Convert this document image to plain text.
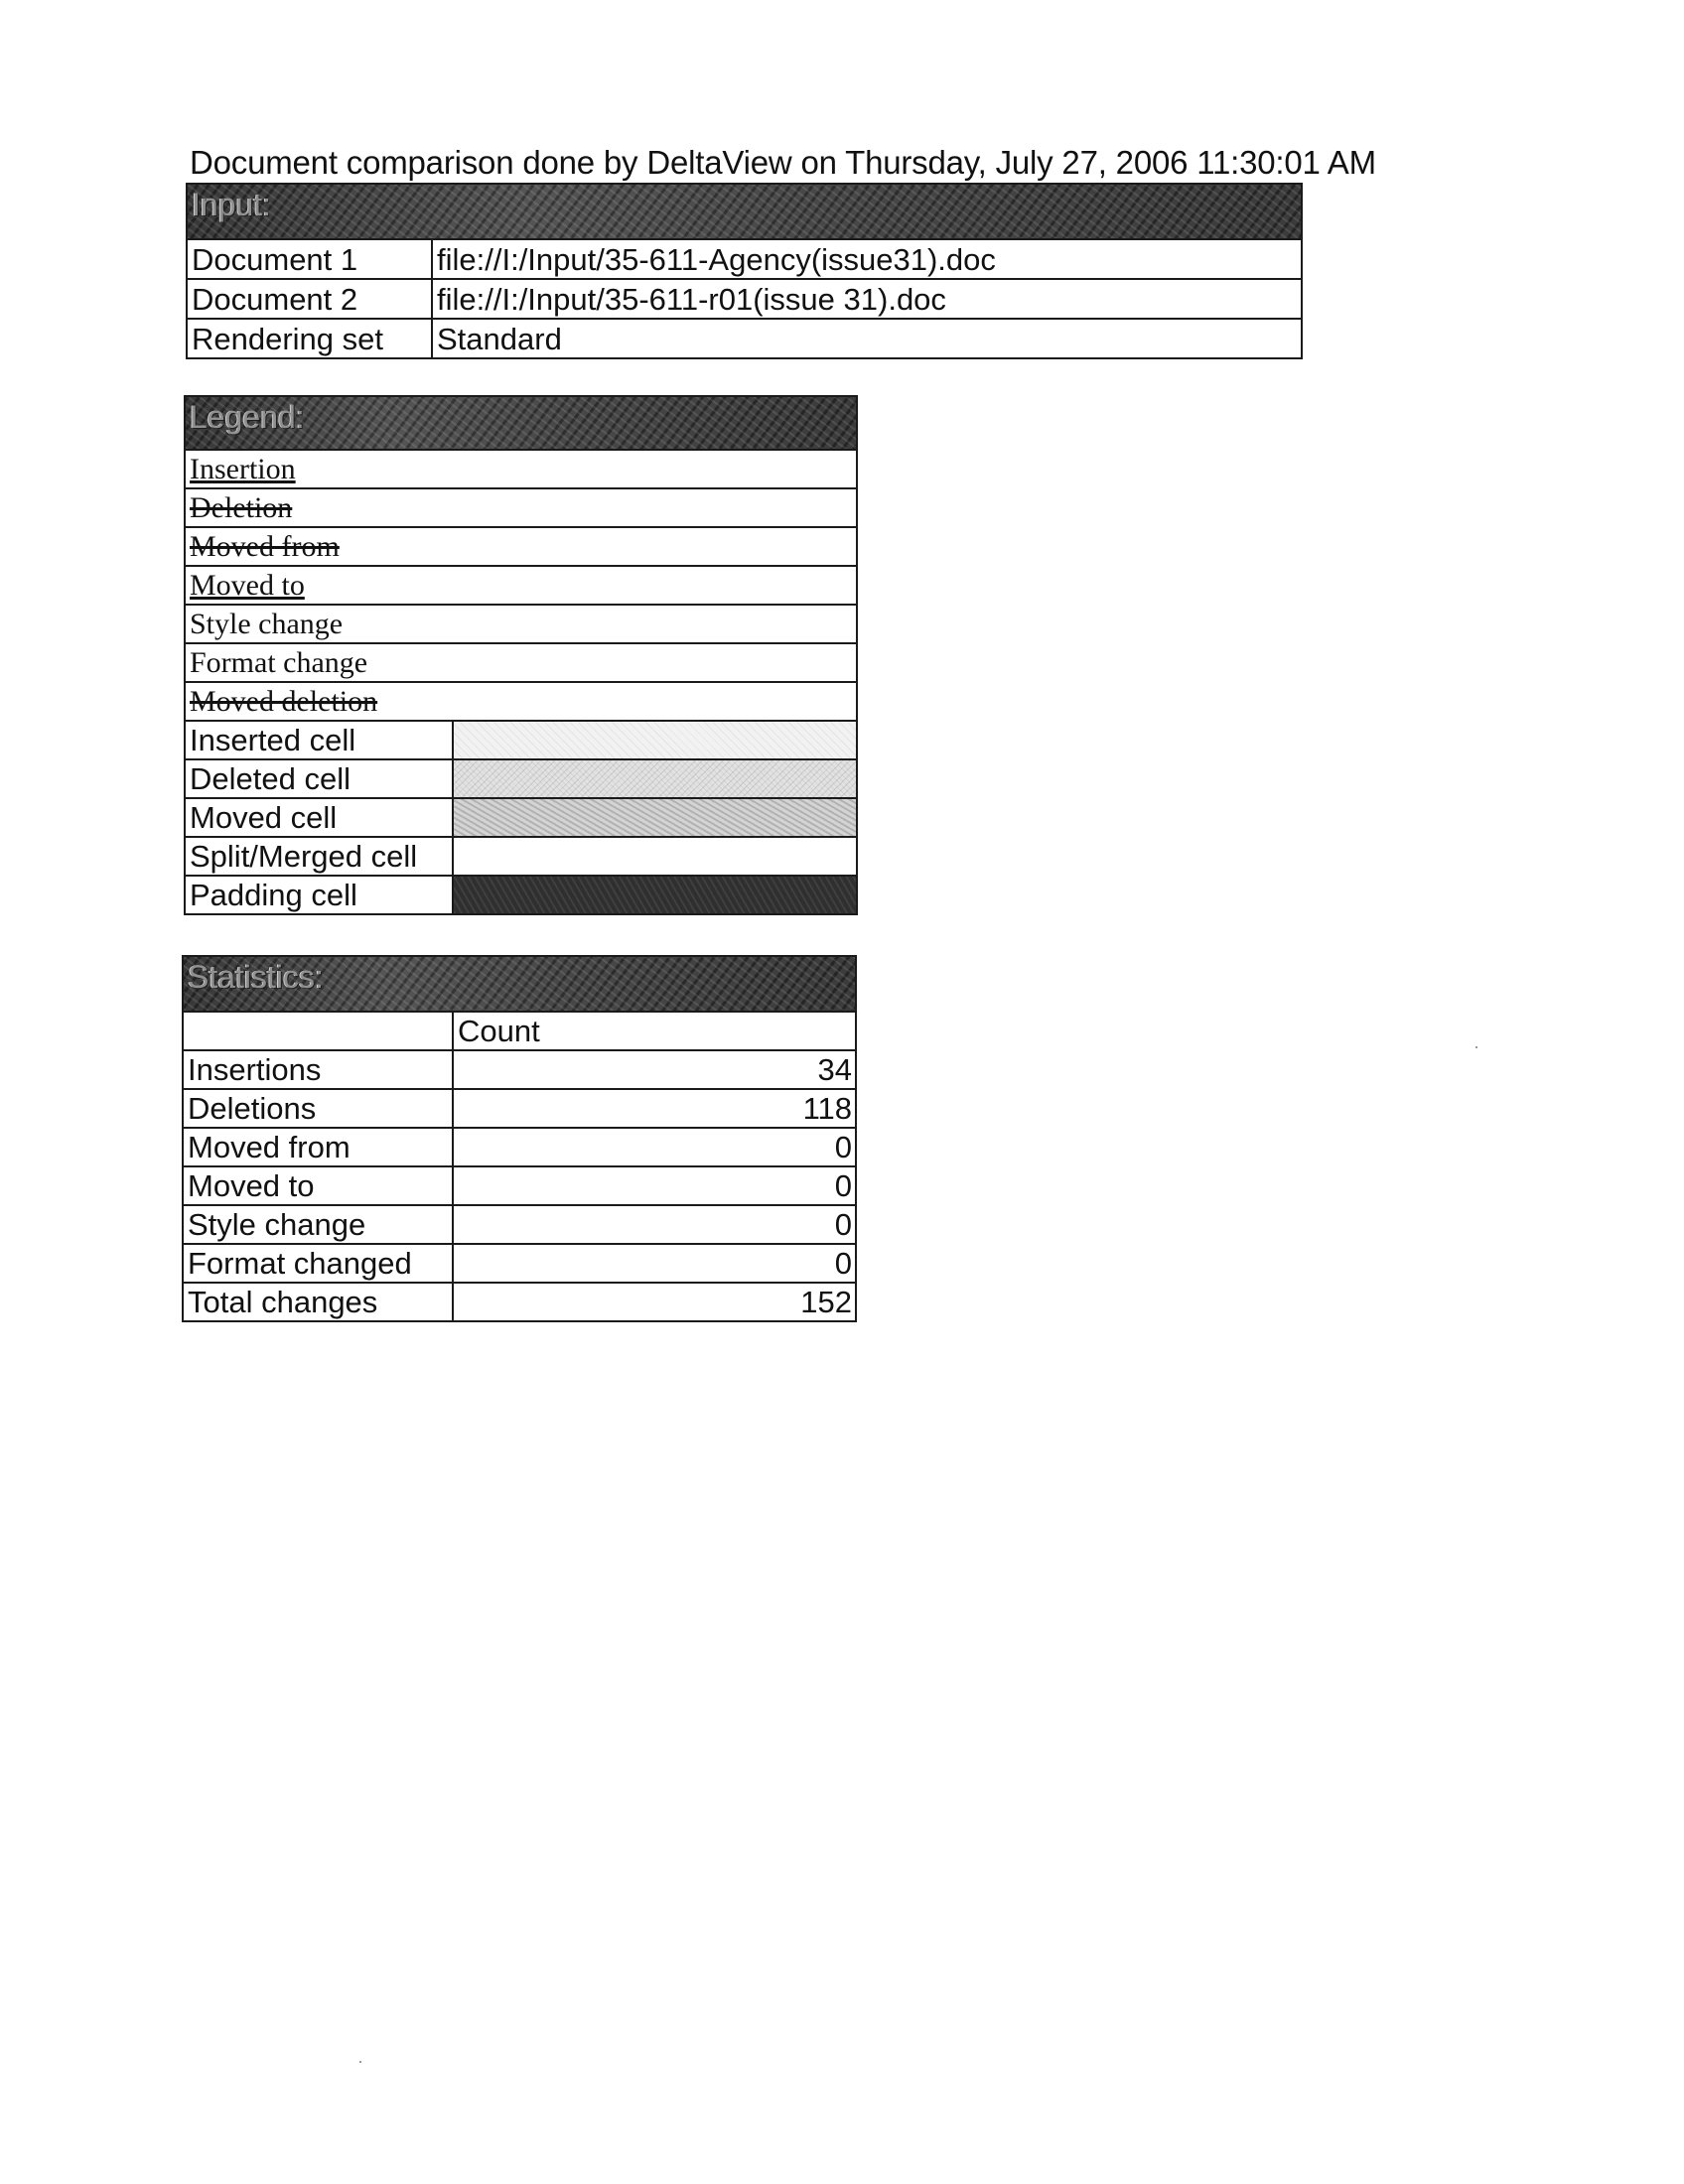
Document comparison done by DeltaView on Thursday, July 27, 2006 11:30:01 AM
Input:	
Document 1	file://I:/Input/35-611-Agency(issue31).doc
Document 2	file://I:/Input/35-611-r01(issue 31).doc
Rendering set	Standard
Legend:	
Insertion	
Deletion	
Moved from	
Moved to	
Style change	
Format change	
Moved deletion	
Inserted cell	
Deleted cell	
Moved cell	
Split/Merged cell	
Padding cell	
Statistics:	
	Count
Insertions	34
Deletions	118
Moved from	0
Moved to	0
Style change	0
Format changed	0
Total changes	152
